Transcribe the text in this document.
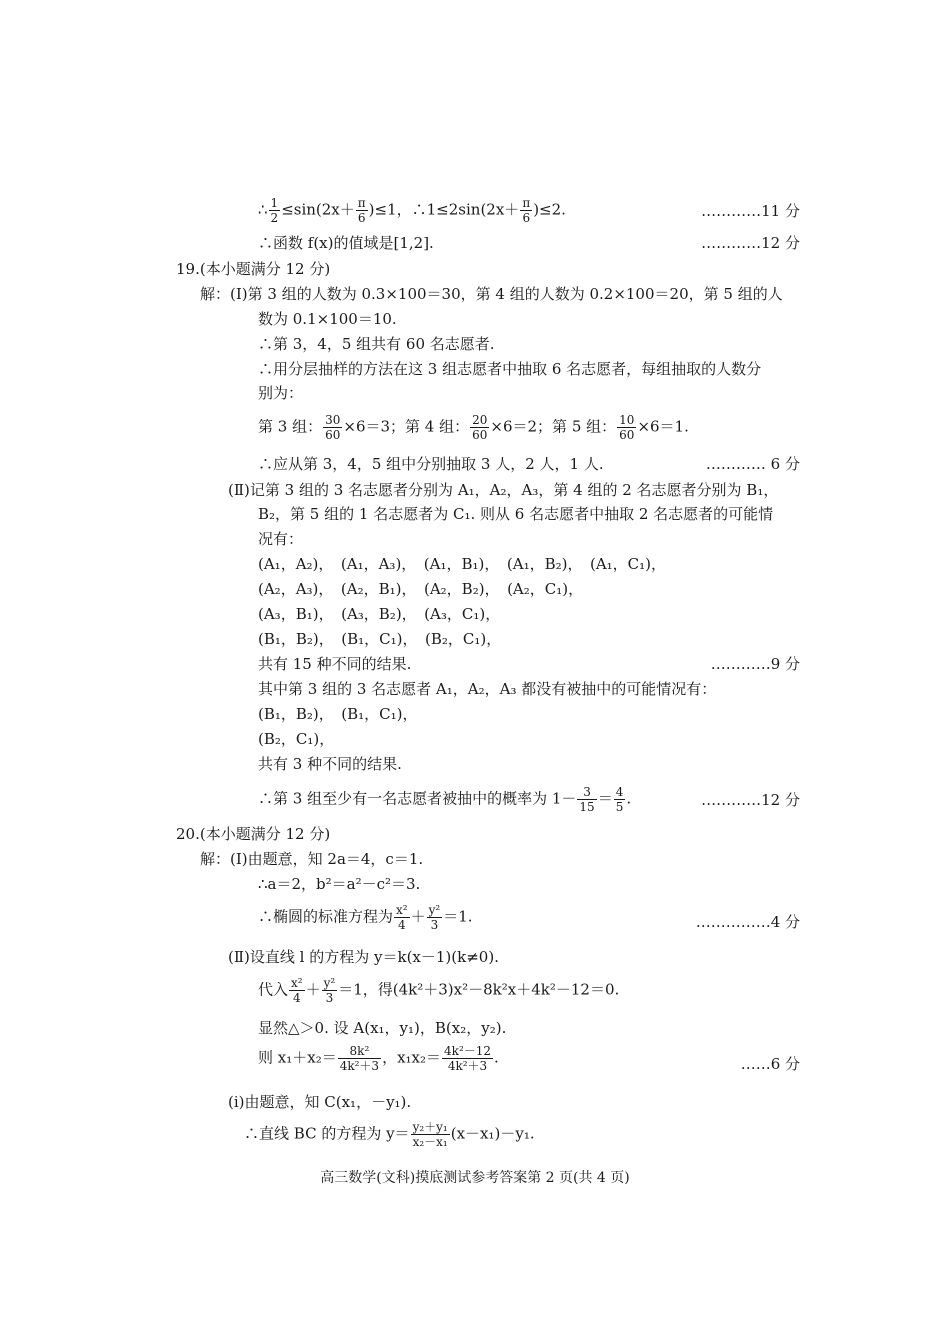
∴ $\frac{1}{2} \le\sin(2x+ \frac{\pi}{6} )\le 1$，∴1≤2sin(2x＋ $\frac{\pi}{6} )\le 2$.	…………11 分
∴函数 f(x)的值域是[1,2].	…………12 分
19.(本小题满分 12 分)
解：(Ⅰ)第 3 组的人数为 0.3×100＝30，第 4 组的人数为 0.2×100＝20，第 5 组的人
数为 0.1×100＝10.
∴第 3，4，5 组共有 60 名志愿者.
∴用分层抽样的方法在这 3 组志愿者中抽取 6 名志愿者，每组抽取的人数分
别为：
第 3 组： $\frac{30}{60} \times 6=3$；第 4 组： $\frac{20}{60} \times 6=2$；第 5 组： $\frac{10}{60} \times 6=1$.
∴应从第 3，4，5 组中分别抽取 3 人，2 人，1 人.	………… 6 分
(Ⅱ)记第 3 组的 3 名志愿者分别为 A₁，A₂，A₃，第 4 组的 2 名志愿者分别为 B₁，
B₂，第 5 组的 1 名志愿者为 C₁. 则从 6 名志愿者中抽取 2 名志愿者的可能情
况有：
(A₁，A₂)，　(A₁，A₃)，　(A₁，B₁)，　(A₁，B₂)，　(A₁，C₁)，
(A₂，A₃)，　(A₂，B₁)，　(A₂，B₂)，　(A₂，C₁)，
(A₃，B₁)，　(A₃，B₂)，　(A₃，C₁)，
(B₁，B₂)，　(B₁，C₁)，　(B₂，C₁)，
共有 15 种不同的结果.	…………9 分
其中第 3 组的 3 名志愿者 A₁，A₂，A₃ 都没有被抽中的可能情况有：
(B₁，B₂)，　(B₁，C₁)，
(B₂，C₁)，
共有 3 种不同的结果.
∴第 3 组至少有一名志愿者被抽中的概率为 $1- \frac{3}{15} = \frac{4}{5}$ .	…………12 分
20.(本小题满分 12 分)
解：(Ⅰ)由题意，知 2a＝4，c＝1.
∴a＝2，b²＝a²－c²＝3.
∴椭圆的标准方程为 $\frac{\text{x²}}{4} + \frac{\text{y²}}{3} =1$.	……………4 分
(Ⅱ)设直线 l 的方程为 y＝k(x－1)(k≠0).
代入 $\frac{\text{x²}}{4} + \frac{\text{y²}}{3} =1$，得(4k²＋3)x²－8k²x＋4k²－12＝0.
显然△＞0. 设 A(x₁，y₁)，B(x₂，y₂).
则 $x_1+x_2= \frac{\text{8k²}}{\text{4k²＋3}}$ ，$x_1x_2= \frac{\text{4k²－12}}{\text{4k²＋3}}$ .	……6 分
(ⅰ)由题意，知 C(x₁，－y₁).
∴直线 BC 的方程为 $y= \frac{\text{y₂＋y₁}}{\text{x₂－x₁}} (x-x_1)-y_1$.
高三数学(文科)摸底测试参考答案第 2 页(共 4 页)
